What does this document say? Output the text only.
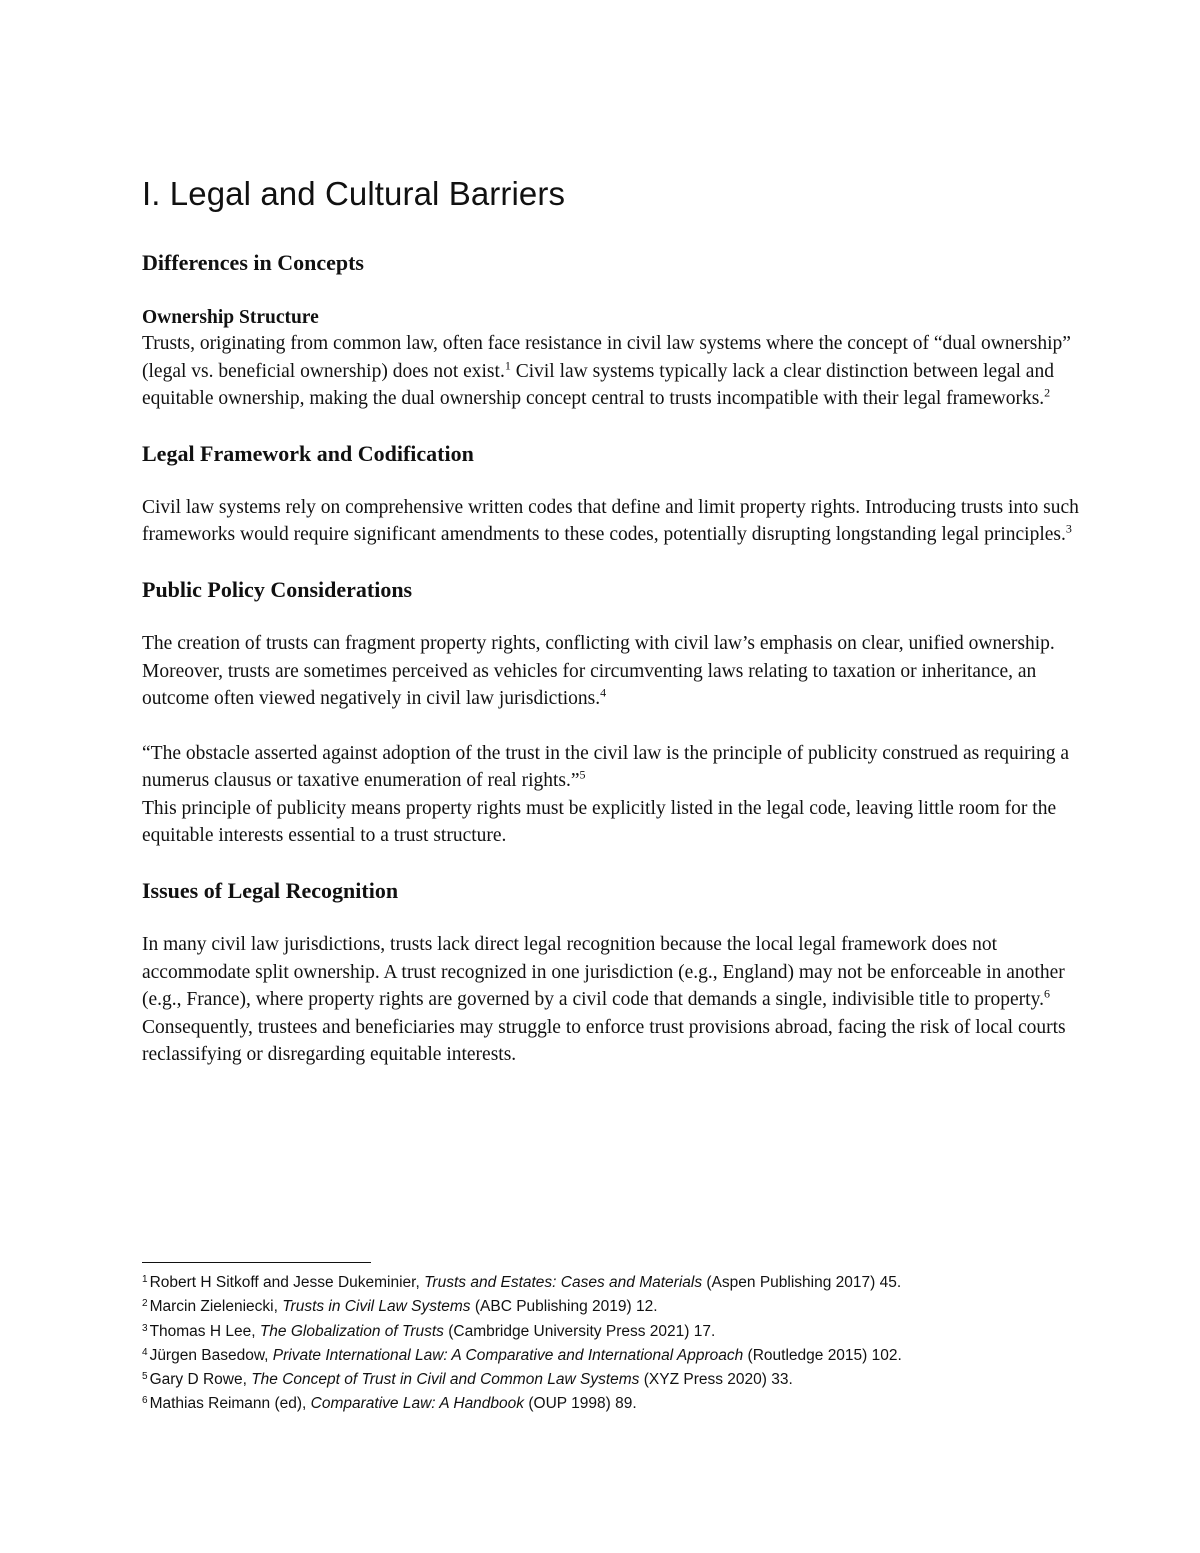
I. Legal and Cultural Barriers
Differences in Concepts
Ownership Structure

Trusts, originating from common law, often face resistance in civil law systems where the concept of “dual ownership” (legal vs. beneficial ownership) does not exist.$^1$ Civil law systems typically lack a clear distinction between legal and equitable ownership, making the dual ownership concept central to trusts incompatible with their legal frameworks.$^2$

Legal Framework and Codification

Civil law systems rely on comprehensive written codes that define and limit property rights. Introducing trusts into such frameworks would require significant amendments to these codes, potentially disrupting longstanding legal principles.$^3$

Public Policy Considerations

The creation of trusts can fragment property rights, conflicting with civil law’s emphasis on clear, unified ownership. Moreover, trusts are sometimes perceived as vehicles for circumventing laws relating to taxation or inheritance, an outcome often viewed negatively in civil law jurisdictions.$^4$

“The obstacle asserted against adoption of the trust in the civil law is the principle of publicity construed as requiring a numerus clausus or taxative enumeration of real rights.”$^5$
This principle of publicity means property rights must be explicitly listed in the legal code, leaving little room for the equitable interests essential to a trust structure.

Issues of Legal Recognition

In many civil law jurisdictions, trusts lack direct legal recognition because the local legal framework does not accommodate split ownership. A trust recognized in one jurisdiction (e.g., England) may not be enforceable in another (e.g., France), where property rights are governed by a civil code that demands a single, indivisible title to property.$^6$ Consequently, trustees and beneficiaries may struggle to enforce trust provisions abroad, facing the risk of local courts reclassifying or disregarding equitable interests.

$^1$ Robert H Sitkoff and Jesse Dukeminier, Trusts and Estates: Cases and Materials (Aspen Publishing 2017) 45.
$^2$ Marcin Zieleniecki, Trusts in Civil Law Systems (ABC Publishing 2019) 12.
$^3$ Thomas H Lee, The Globalization of Trusts (Cambridge University Press 2021) 17.
$^4$ Jürgen Basedow, Private International Law: A Comparative and International Approach (Routledge 2015) 102.
$^5$ Gary D Rowe, The Concept of Trust in Civil and Common Law Systems (XYZ Press 2020) 33.
$^6$ Mathias Reimann (ed), Comparative Law: A Handbook (OUP 1998) 89.
